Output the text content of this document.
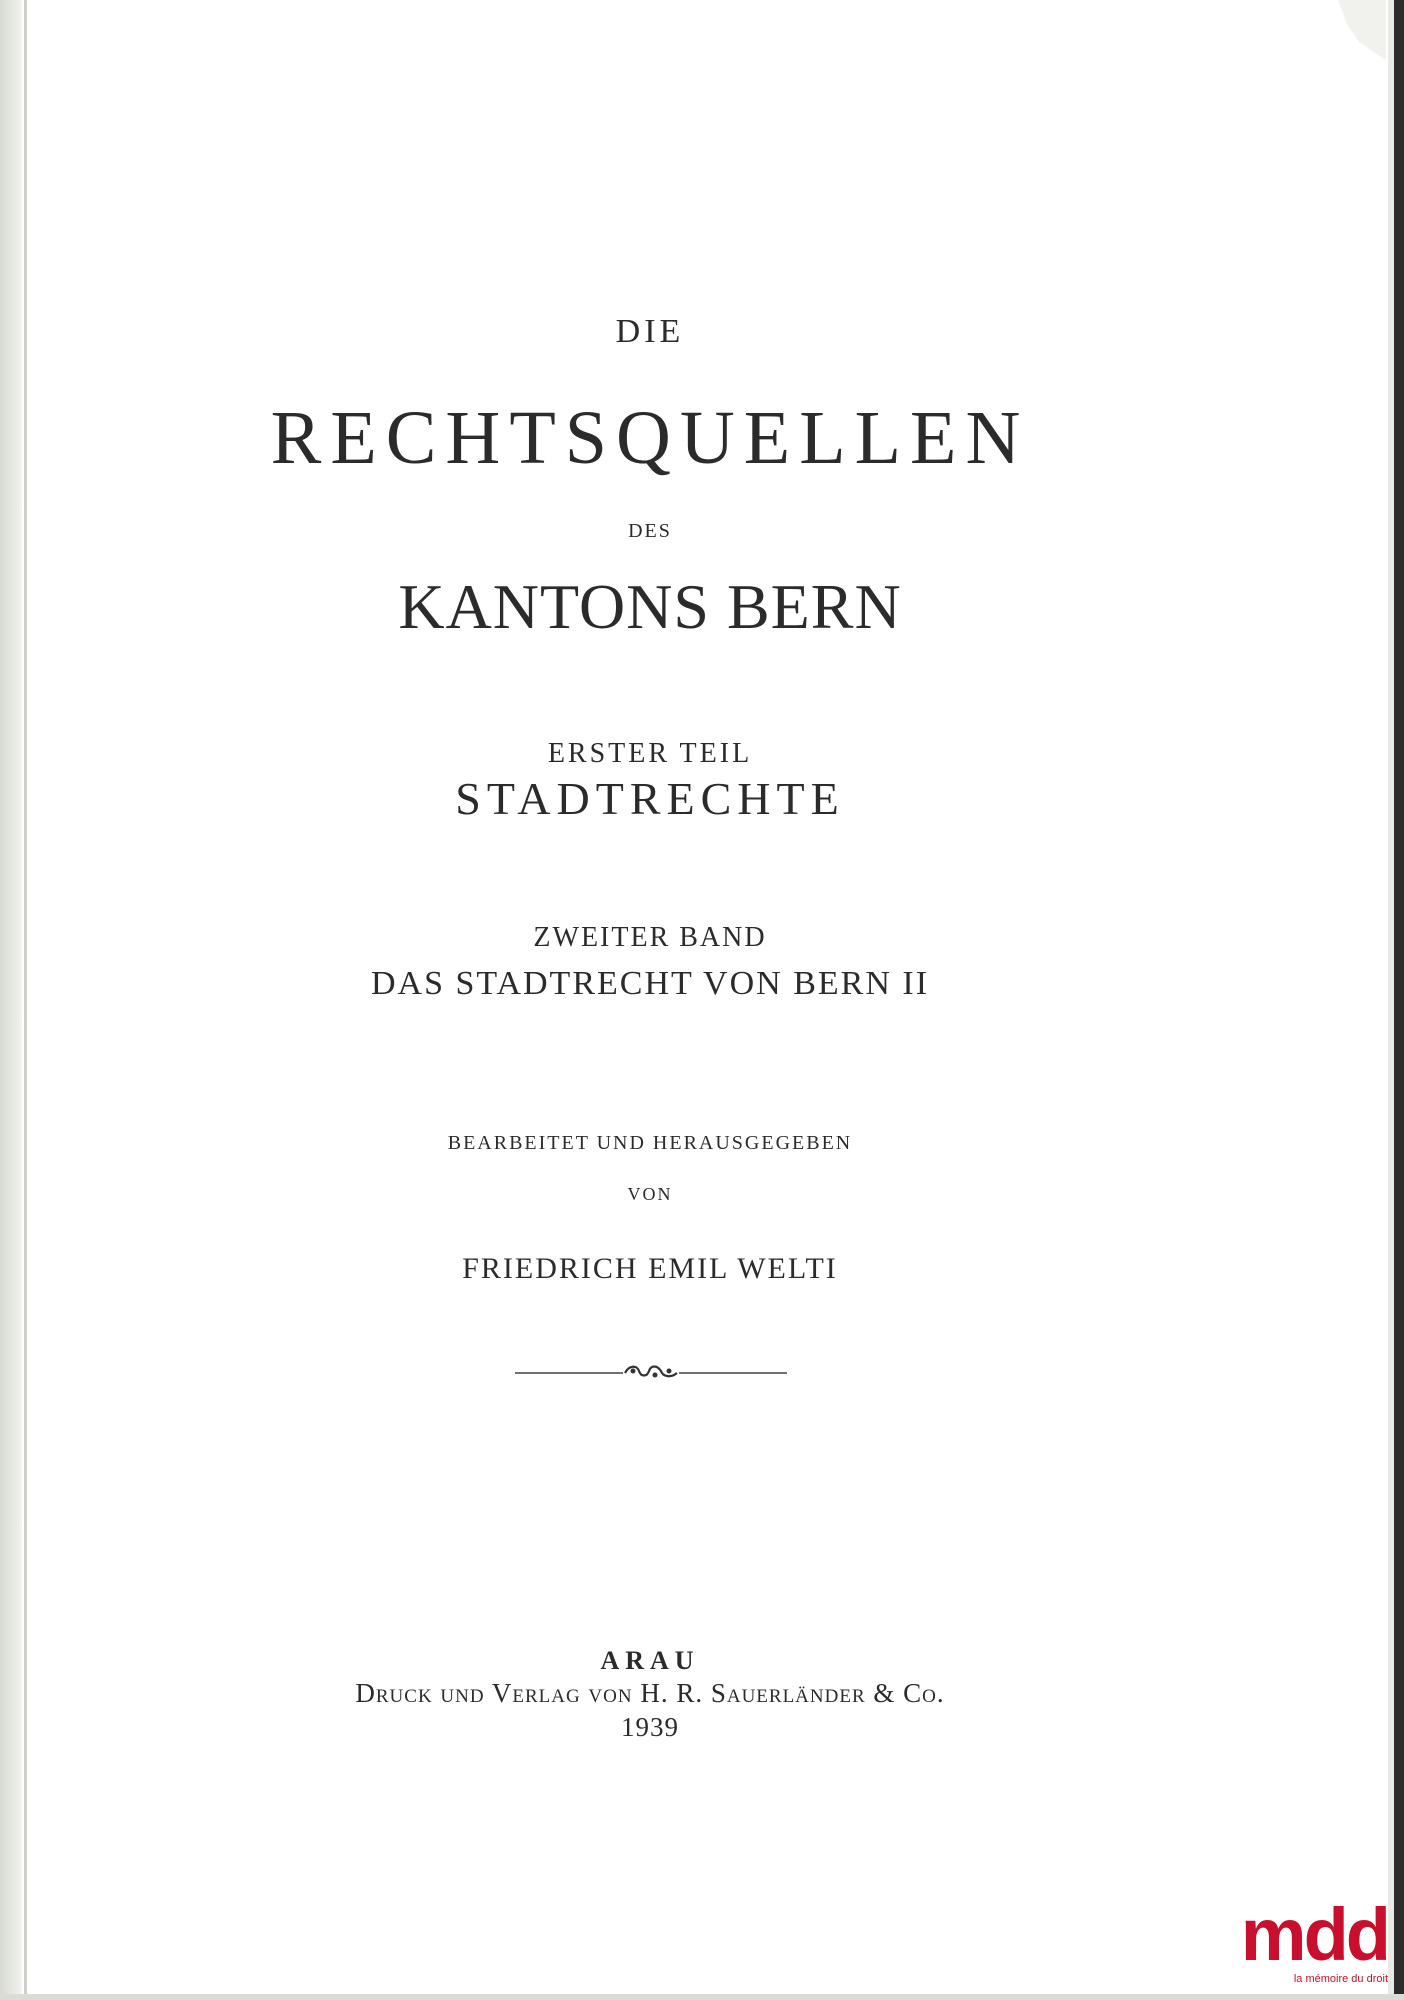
DIE
RECHTSQUELLEN
DES
KANTONS BERN
ERSTER TEIL
STADTRECHTE
ZWEITER BAND
DAS STADTRECHT VON BERN II
BEARBEITET UND HERAUSGEGEBEN
VON
FRIEDRICH EMIL WELTI
ARAU
Druck und Verlag von H. R. Sauerländer & Co.
1939
mdd
la mémoire du droit
